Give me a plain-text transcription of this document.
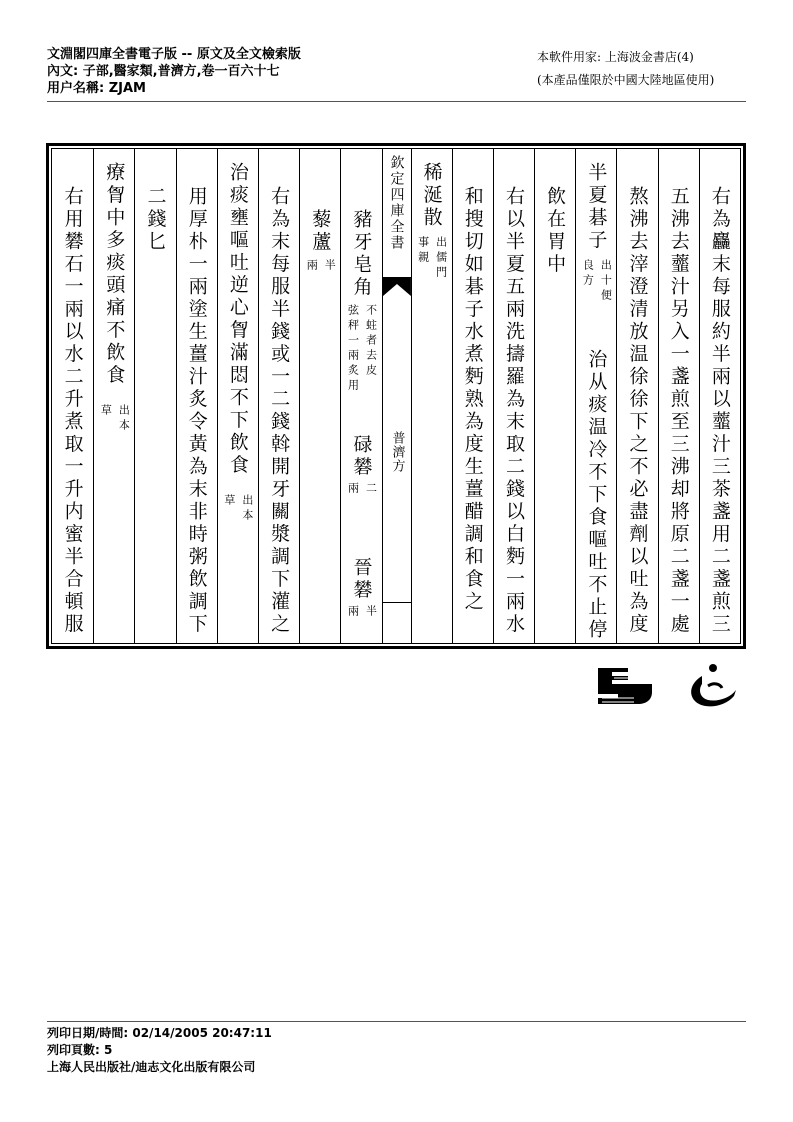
文淵閣四庫全書電子版 -- 原文及全文檢索版
內文: 子部,醫家類,普濟方,卷一百六十七
用户名稱: ZJAM
本軟件用家: 上海波金書店(4)
(本產品僅限於中國大陸地區使用)
右為麤末每服約半兩以虀汁三茶盞用二盞煎三
五沸去虀汁另入一盞煎至三沸却將原二盞一處
熬沸去滓澄清放温徐徐下之不必盡劑以吐為度
半夏碁子
出十便
良方
治从痰温冷不下食嘔吐不止停
飲在胃中
右以半夏五兩洗擣羅為末取二錢以白麪一兩水
和搜切如碁子水煮麪熟為度生薑醋調和食之
稀涎散
出儒門
事親
欽定四庫全書
普濟方
豬牙皂角
不蛀者去皮
弦秤一兩炙用
碌礬
二
兩
晉礬
半
兩
藜蘆
半
兩
右為末每服半錢或一二錢斡開牙關漿調下灌之
治痰壅嘔吐逆心胷滿悶不下飲食
出本
草
用厚朴一兩塗生薑汁炙令黃為末非時粥飲調下
二錢匕
療胷中多痰頭痛不飲食
出本
草
右用礬石一兩以水二升煮取一升内蜜半合頓服
列印日期/時間: 02/14/2005 20:47:11
列印頁數: 5
上海人民出版社/迪志文化出版有限公司
